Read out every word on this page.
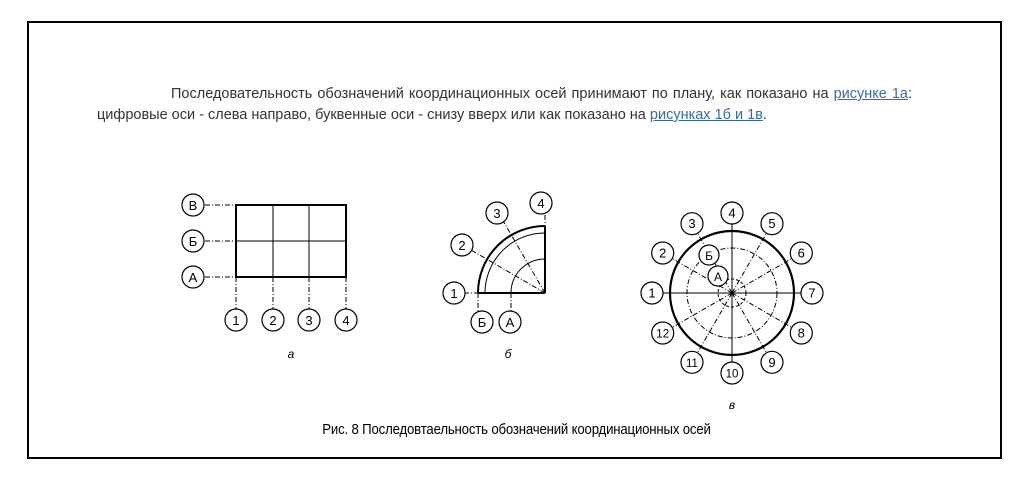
Последовательность обозначений координационных осей принимают по плану, как показано на рисунке 1а: цифровые оси - слева направо, буквенные оси - снизу вверх или как показано на рисунках 1б и 1в.
В
Б
А
1 2 3 4
а
1
2
3
4
Б А
б
1
2
3
4
5
6
7
8
9
10
11
12
Б
А
в
Рис. 8 Последовтаельность обозначений координационных осей
